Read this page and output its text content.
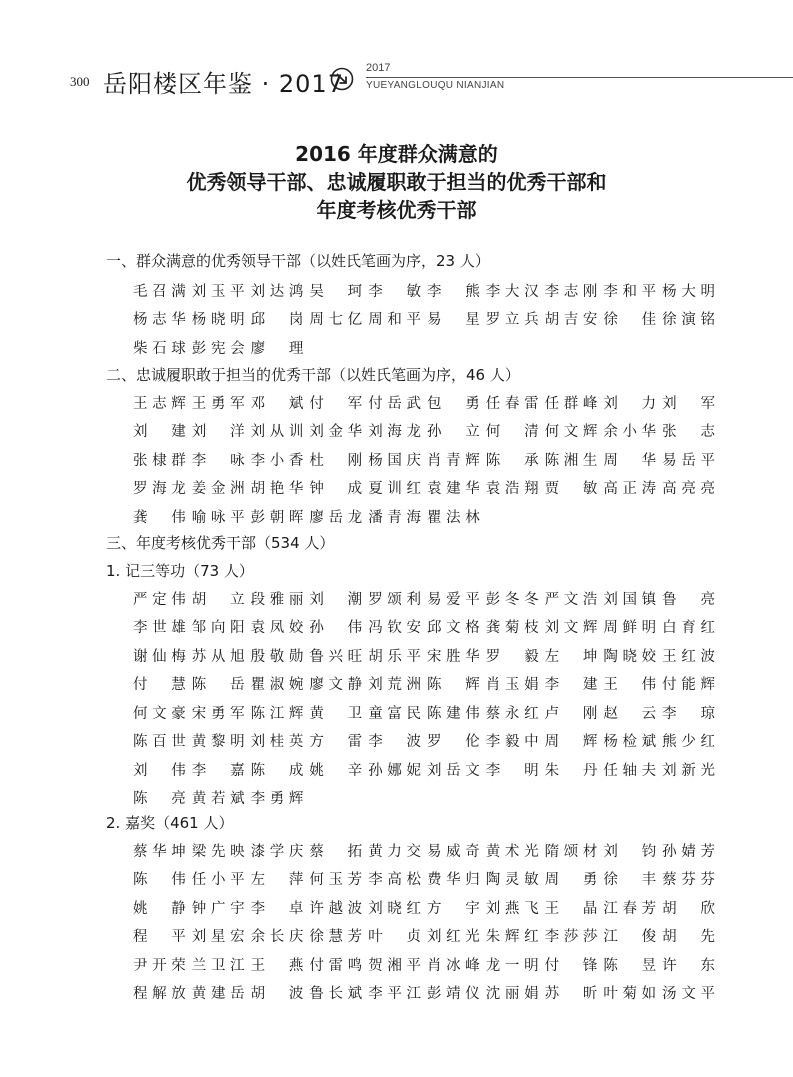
300 岳阳楼区年鉴 · 2017
2017
YUEYANGLOUQU NIANJIAN
2016 年度群众满意的
优秀领导干部、忠诚履职敢于担当的优秀干部和
年度考核优秀干部
一、群众满意的优秀领导干部（以姓氏笔画为序，23 人）
毛召满 刘玉平 刘达鸿 吴 珂 李 敏 李 熊 李大汉 李志刚 李和平 杨大明
杨志华 杨晓明 邱 岗 周七亿 周和平 易 星 罗立兵 胡吉安 徐 佳 徐演铭
柴石球 彭宪会 廖 理
二、忠诚履职敢于担当的优秀干部（以姓氏笔画为序，46 人）
王志辉 王勇军 邓 斌 付 军 付岳武 包 勇 任春雷 任群峰 刘 力 刘 军
刘 建 刘 洋 刘从训 刘金华 刘海龙 孙 立 何 清 何文辉 余小华 张 志
张棣群 李 咏 李小香 杜 刚 杨国庆 肖青辉 陈 承 陈湘生 周 华 易岳平
罗海龙 姜金洲 胡艳华 钟 成 夏训红 袁建华 袁浩翔 贾 敏 高正涛 高亮亮
龚 伟 喻咏平 彭朝晖 廖岳龙 潘青海 瞿法林
三、年度考核优秀干部（534 人）
1. 记三等功（73 人）
严定伟 胡 立 段雅丽 刘 潮 罗颂利 易爱平 彭冬冬 严文浩 刘国镇 鲁 亮
李世雄 邹向阳 袁凤姣 孙 伟 冯钦安 邱文格 龚菊枝 刘文辉 周鲜明 白育红
谢仙梅 苏从旭 殷敬勋 鲁兴旺 胡乐平 宋胜华 罗 毅 左 坤 陶晓姣 王红波
付 慧 陈 岳 瞿淑婉 廖文静 刘荒洲 陈 辉 肖玉娟 李 建 王 伟 付能辉
何文豪 宋勇军 陈江辉 黄 卫 童富民 陈建伟 蔡永红 卢 刚 赵 云 李 琼
陈百世 黄黎明 刘桂英 方 雷 李 波 罗 伦 李毅中 周 辉 杨检斌 熊少红
刘 伟 李 嘉 陈 成 姚 辛 孙娜妮 刘岳文 李 明 朱 丹 任轴夫 刘新光
陈 亮 黄若斌 李勇辉
2. 嘉奖（461 人）
蔡华坤 梁先映 漆学庆 蔡 拓 黄力交 易威奇 黄术光 隋颂材 刘 钧 孙婧芳
陈 伟 任小平 左 萍 何玉芳 李高松 费华归 陶灵敏 周 勇 徐 丰 蔡芬芬
姚 静 钟广宇 李 卓 许越波 刘晓红 方 宇 刘燕飞 王 晶 江春芳 胡 欣
程 平 刘星宏 余长庆 徐慧芳 叶 贞 刘红光 朱辉红 李莎莎 江 俊 胡 先
尹开荣 兰卫江 王 燕 付雷鸣 贺湘平 肖冰峰 龙一明 付 锋 陈 昱 许 东
程解放 黄建岳 胡 波 鲁长斌 李平江 彭靖仪 沈丽娟 苏 昕 叶菊如 汤文平
